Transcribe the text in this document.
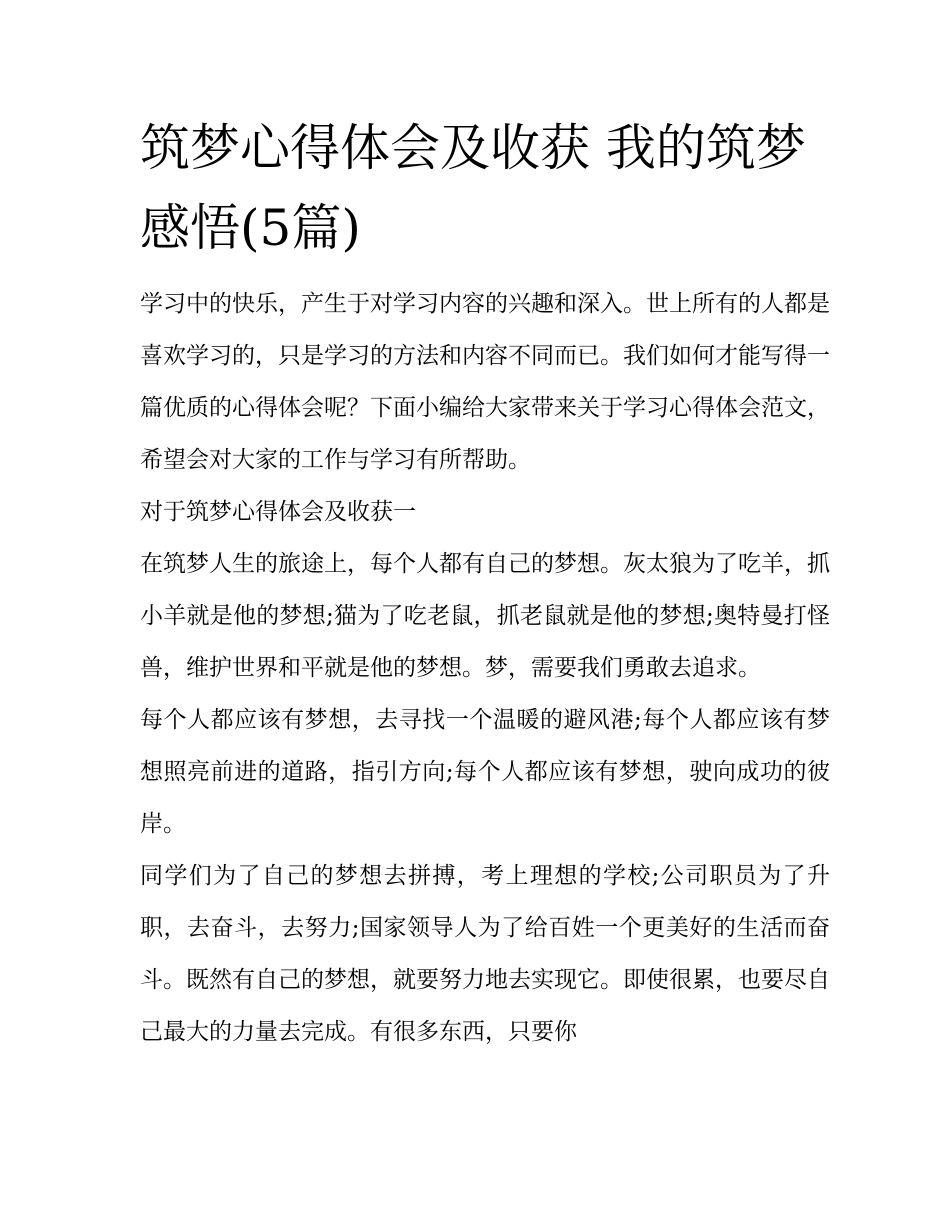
筑梦心得体会及收获 我的筑梦感悟(5篇)

学习中的快乐，产生于对学习内容的兴趣和深入。世上所有的人都是喜欢学习的，只是学习的方法和内容不同而已。我们如何才能写得一篇优质的心得体会呢？下面小编给大家带来关于学习心得体会范文，希望会对大家的工作与学习有所帮助。

对于筑梦心得体会及收获一

在筑梦人生的旅途上，每个人都有自己的梦想。灰太狼为了吃羊，抓小羊就是他的梦想;猫为了吃老鼠，抓老鼠就是他的梦想;奥特曼打怪兽，维护世界和平就是他的梦想。梦，需要我们勇敢去追求。

每个人都应该有梦想，去寻找一个温暖的避风港;每个人都应该有梦想照亮前进的道路，指引方向;每个人都应该有梦想，驶向成功的彼岸。

同学们为了自己的梦想去拼搏，考上理想的学校;公司职员为了升职，去奋斗，去努力;国家领导人为了给百姓一个更美好的生活而奋斗。既然有自己的梦想，就要努力地去实现它。即使很累，也要尽自己最大的力量去完成。有很多东西，只要你
